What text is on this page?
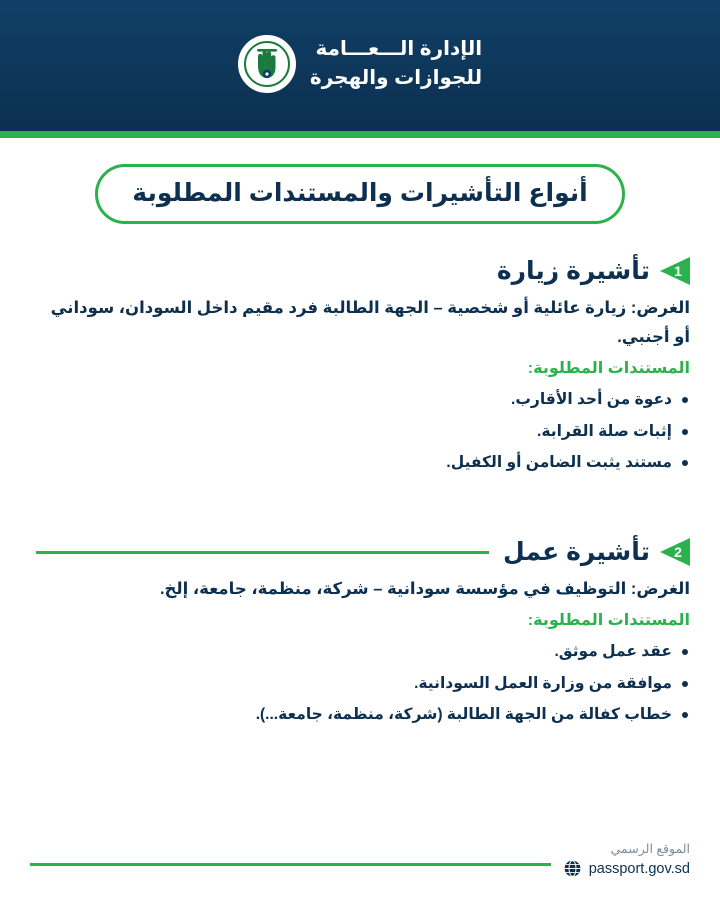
الإدارة الـــعـــامة
للجوازات والهجرة
أنواع التأشيرات والمستندات المطلوبة
1
تأشيرة زيارة
الغرض: زيارة عائلية أو شخصية – الجهة الطالبة فرد مقيم داخل السودان، سوداني أو أجنبي.
المستندات المطلوبة:
دعوة من أحد الأقارب.
إثبات صلة القرابة.
مستند يثبت الضامن أو الكفيل.
2
تأشيرة عمل
الغرض: التوظيف في مؤسسة سودانية – شركة، منظمة، جامعة، إلخ.
المستندات المطلوبة:
عقد عمل موثق.
موافقة من وزارة العمل السودانية.
خطاب كفالة من الجهة الطالبة (شركة، منظمة، جامعة...).
الموقع الرسمي
passport.gov.sd
